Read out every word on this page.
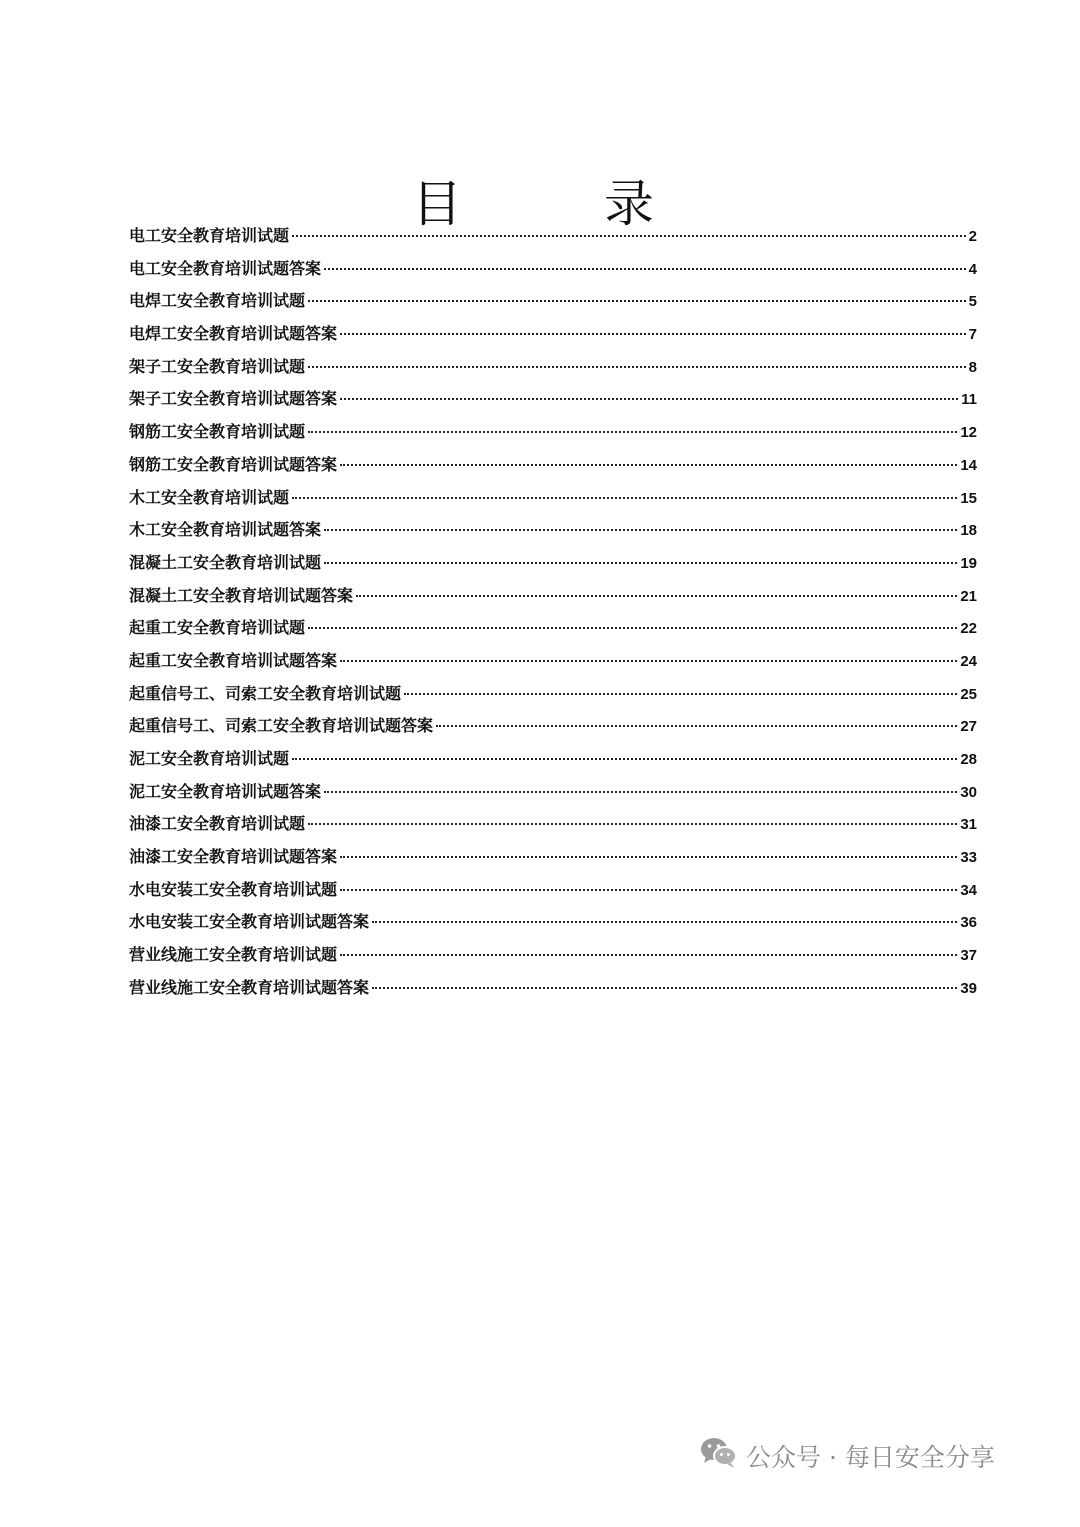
目　录
电工安全教育培训试题	2
电工安全教育培训试题答案	4
电焊工安全教育培训试题	5
电焊工安全教育培训试题答案	7
架子工安全教育培训试题	8
架子工安全教育培训试题答案	11
钢筋工安全教育培训试题	12
钢筋工安全教育培训试题答案	14
木工安全教育培训试题	15
木工安全教育培训试题答案	18
混凝土工安全教育培训试题	19
混凝土工安全教育培训试题答案	21
起重工安全教育培训试题	22
起重工安全教育培训试题答案	24
起重信号工、司索工安全教育培训试题	25
起重信号工、司索工安全教育培训试题答案	27
泥工安全教育培训试题	28
泥工安全教育培训试题答案	30
油漆工安全教育培训试题	31
油漆工安全教育培训试题答案	33
水电安装工安全教育培训试题	34
水电安装工安全教育培训试题答案	36
营业线施工安全教育培训试题	37
营业线施工安全教育培训试题答案	39
公众号 · 每日安全分享
